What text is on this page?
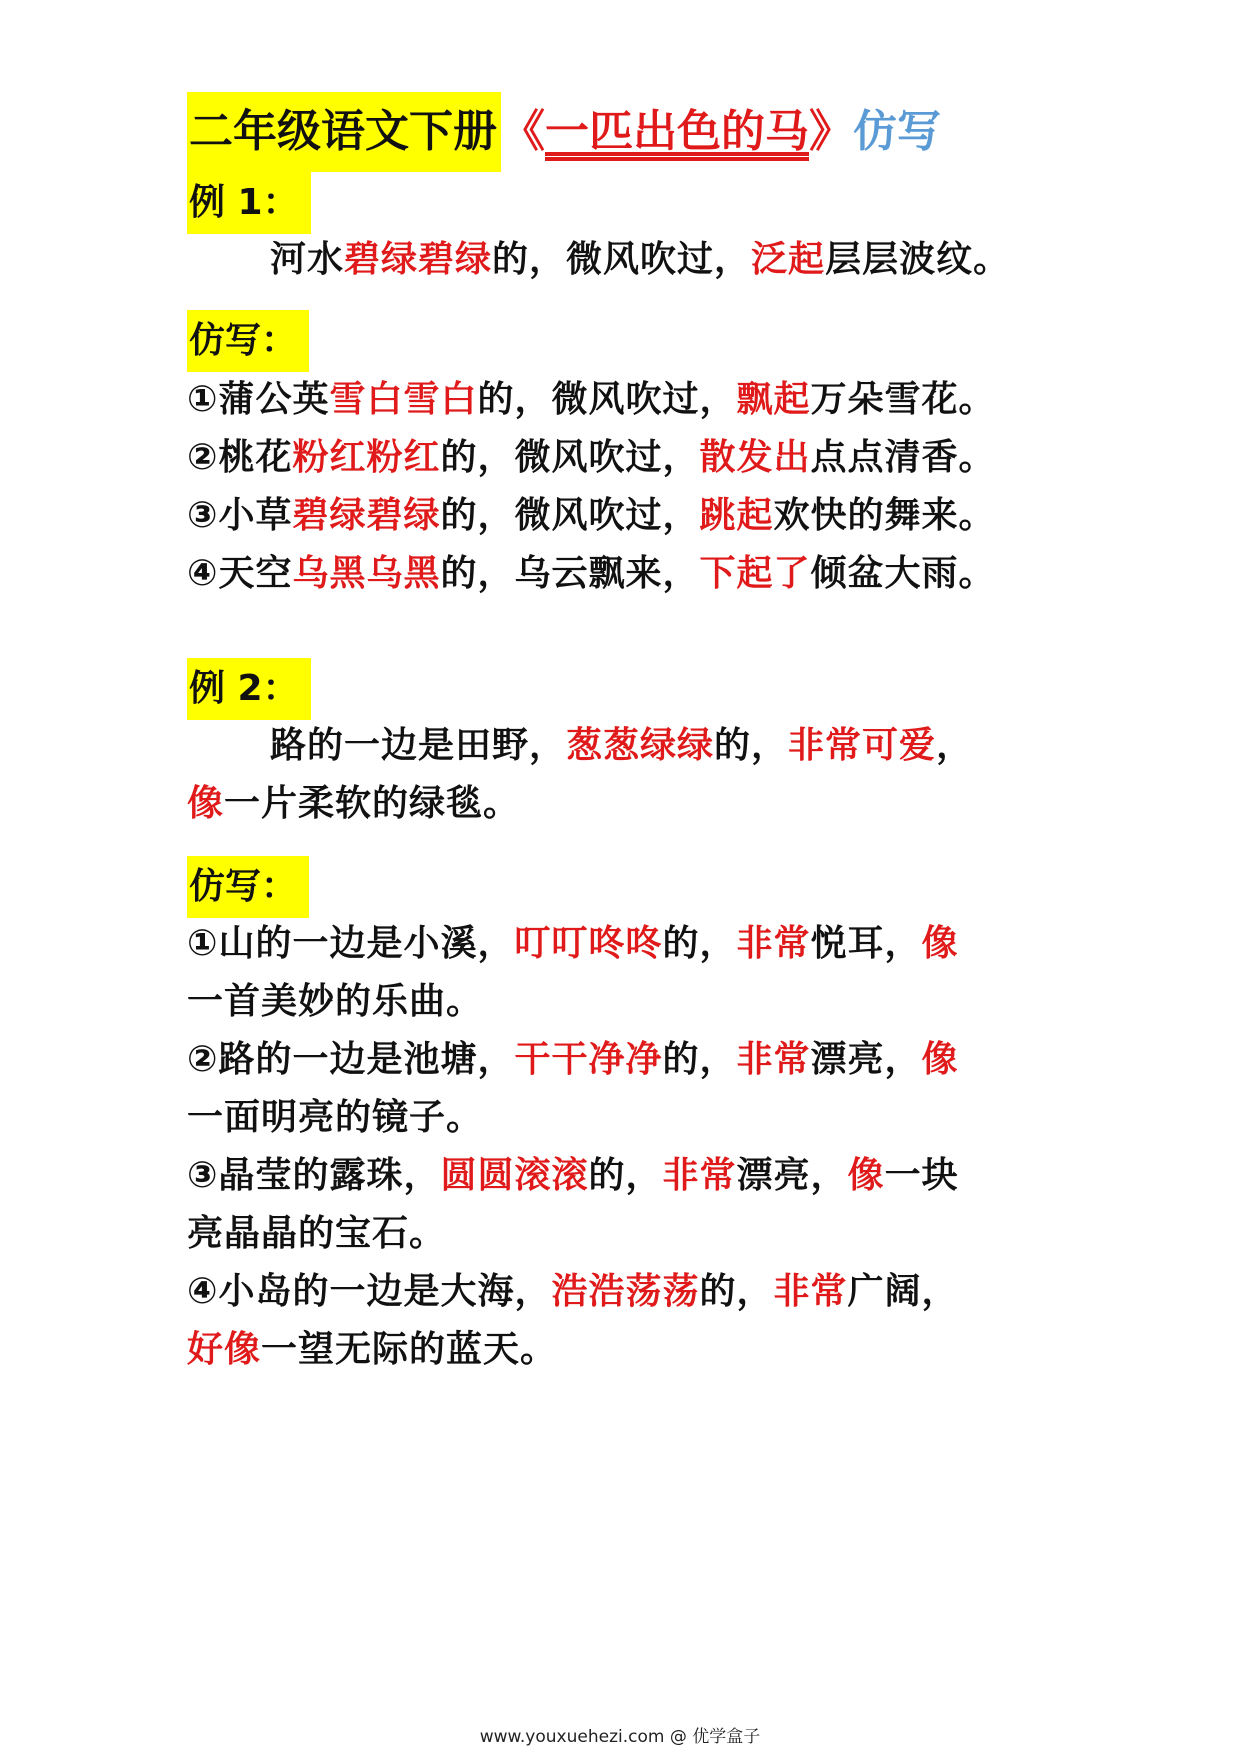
二年级语文下册《一匹出色的马》仿写
例 1：
河水碧绿碧绿的，微风吹过，泛起层层波纹。
仿写：
①蒲公英雪白雪白的，微风吹过，飘起万朵雪花。
②桃花粉红粉红的，微风吹过，散发出点点清香。
③小草碧绿碧绿的，微风吹过，跳起欢快的舞来。
④天空乌黑乌黑的，乌云飘来，下起了倾盆大雨。
例 2：
路的一边是田野，葱葱绿绿的，非常可爱，
像一片柔软的绿毯。
仿写：
①山的一边是小溪，叮叮咚咚的，非常悦耳，像
一首美妙的乐曲。
②路的一边是池塘，干干净净的，非常漂亮，像
一面明亮的镜子。
③晶莹的露珠，圆圆滚滚的，非常漂亮，像一块
亮晶晶的宝石。
④小岛的一边是大海，浩浩荡荡的，非常广阔，
好像一望无际的蓝天。
www.youxuehezi.com @ 优学盒子
